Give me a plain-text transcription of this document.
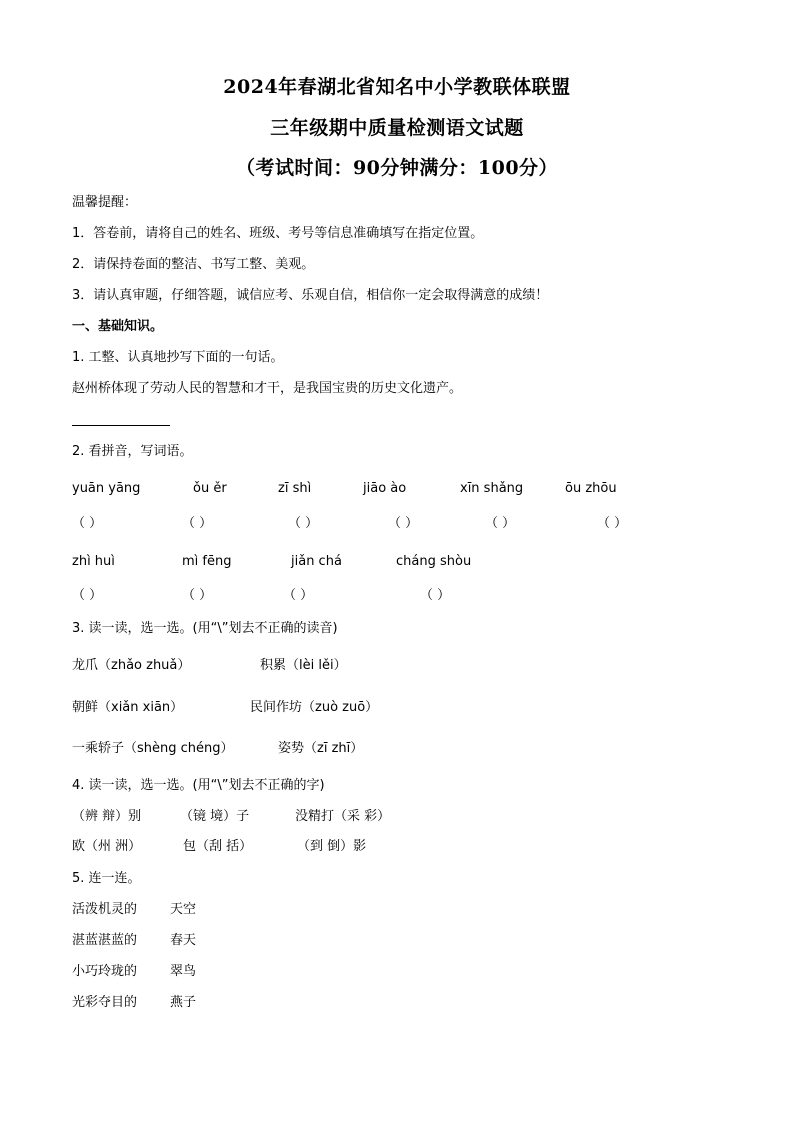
2024年春湖北省知名中小学教联体联盟
三年级期中质量检测语文试题
（考试时间：90分钟满分：100分）
温馨提醒：
1．答卷前，请将自己的姓名、班级、考号等信息准确填写在指定位置。
2．请保持卷面的整洁、书写工整、美观。
3．请认真审题，仔细答题，诚信应考、乐观自信，相信你一定会取得满意的成绩！
一、基础知识。
1. 工整、认真地抄写下面的一句话。
赵州桥体现了劳动人民的智慧和才干，是我国宝贵的历史文化遗产。
2. 看拼音，写词语。
yuān yāng	ǒu ěr	zī shì	jiāo ào	xīn shǎng	ōu zhōu
（ ）	（ ）	（ ）	（ ）	（ ）	（ ）
zhì huì	mì fēng	jiǎn chá	cháng shòu
（ ）	（ ）	（ ）	（ ）
3. 读一读，选一选。(用“\”划去不正确的读音)
龙爪（zhǎo zhuǎ）	积累（lèi lěi）
朝鲜（xiǎn xiān）	民间作坊（zuò zuō）
一乘轿子（shèng chéng）	姿势（zī zhī）
4. 读一读，选一选。(用“\”划去不正确的字)
（辨 辩）别	（镜 境）子	没精打（采 彩）
欧（州 洲）	包（刮 括）	（到 倒）影
5. 连一连。
活泼机灵的	天空
湛蓝湛蓝的	春天
小巧玲珑的	翠鸟
光彩夺目的	燕子
